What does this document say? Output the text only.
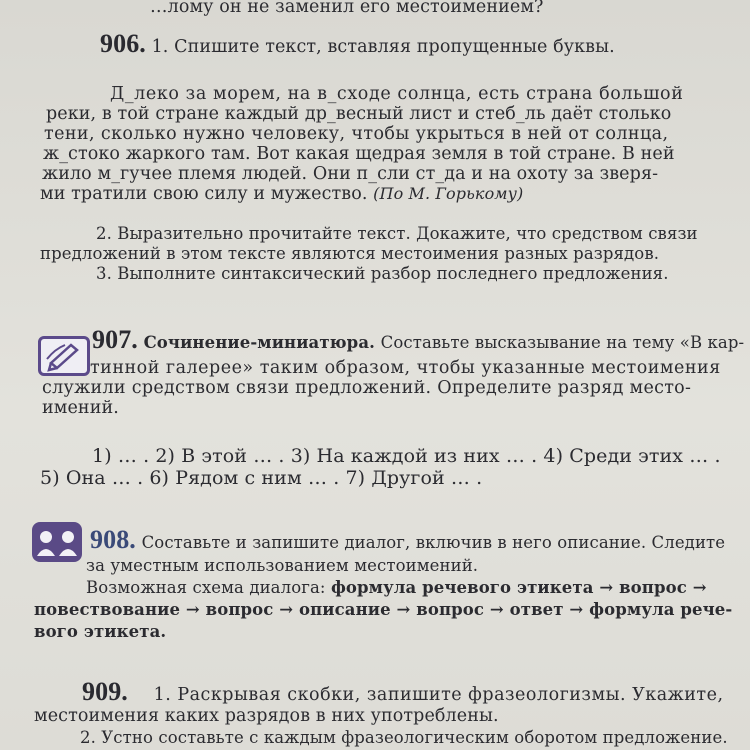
…лому он не заменил его местоимением?
906. 1. Спишите текст, вставляя пропущенные буквы.
Д_леко за морем, на в_сходе солнца, есть страна большой
реки, в той стране каждый др_весный лист и стеб_ль даёт столько
тени, сколько нужно человеку, чтобы укрыться в ней от солнца,
ж_стоко жаркого там. Вот какая щедрая земля в той стране. В ней
жило м_гучее племя людей. Они п_сли ст_да и на охоту за зверя-
ми тратили свою силу и мужество. (По М. Горькому)
2. Выразительно прочитайте текст. Докажите, что средством связи
предложений в этом тексте являются местоимения разных разрядов.
3. Выполните синтаксический разбор последнего предложения.
907. Сочинение-миниатюра. Составьте высказывание на тему «В кар-
тинной галерее» таким образом, чтобы указанные местоимения
служили средством связи предложений. Определите разряд место-
имений.
1) … . 2) В этой … . 3) На каждой из них … . 4) Среди этих … .
5) Она … . 6) Рядом с ним … . 7) Другой … .
908. Составьте и запишите диалог, включив в него описание. Следите
за уместным использованием местоимений.
Возможная схема диалога: формула речевого этикета → вопрос →
повествование → вопрос → описание → вопрос → ответ → формула рече-
вого этикета.
909. 1. Раскрывая скобки, запишите фразеологизмы. Укажите,
местоимения каких разрядов в них употреблены.
2. Устно составьте с каждым фразеологическим оборотом предложение.
